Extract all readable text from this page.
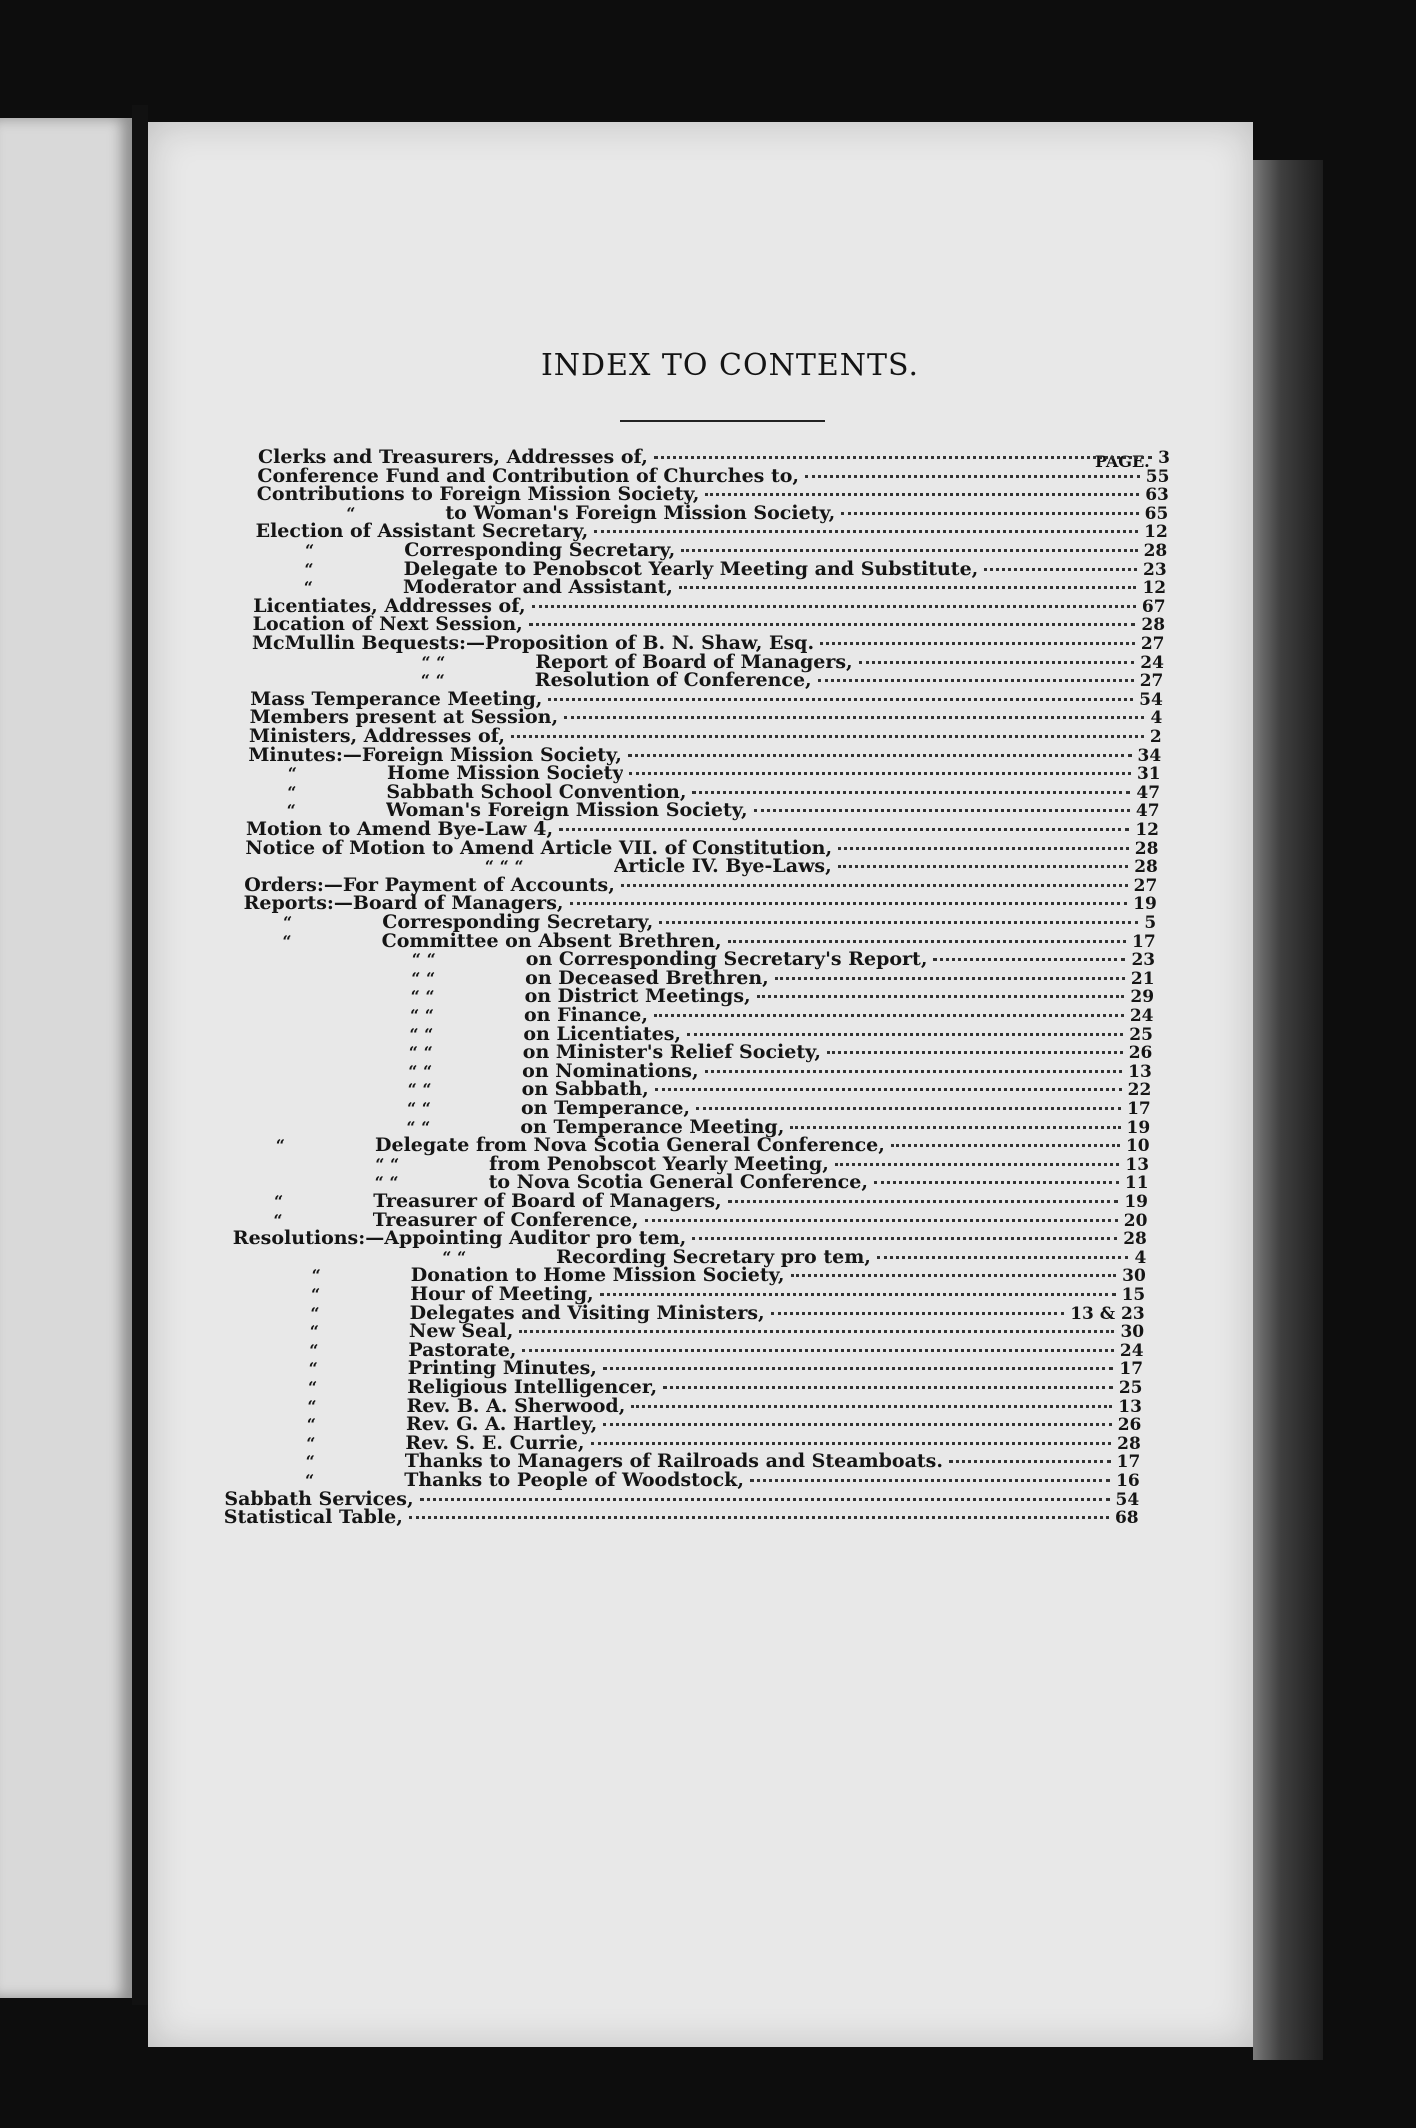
INDEX TO CONTENTS.
PAGE.
Clerks and Treasurers, Addresses of,	3
Conference Fund and Contribution of Churches to,	55
Contributions to Foreign Mission Society,	63
“	to Woman's Foreign Mission Society,	65
Election of Assistant Secretary,	12
“	Corresponding Secretary,	28
“	Delegate to Penobscot Yearly Meeting and Substitute,	23
“	Moderator and Assistant,	12
Licentiates, Addresses of,	67
Location of Next Session,	28
McMullin Bequests:—Proposition of B. N. Shaw, Esq.	27
“ “	Report of Board of Managers,	24
“ “	Resolution of Conference,	27
Mass Temperance Meeting,	54
Members present at Session,	4
Ministers, Addresses of,	2
Minutes:—Foreign Mission Society,	34
“	Home Mission Society	31
“	Sabbath School Convention,	47
“	Woman's Foreign Mission Society,	47
Motion to Amend Bye-Law 4,	12
Notice of Motion to Amend Article VII. of Constitution,	28
“ “ “	Article IV. Bye-Laws,	28
Orders:—For Payment of Accounts,	27
Reports:—Board of Managers,	19
“	Corresponding Secretary,	5
“	Committee on Absent Brethren,	17
“ “	on Corresponding Secretary's Report,	23
“ “	on Deceased Brethren,	21
“ “	on District Meetings,	29
“ “	on Finance,	24
“ “	on Licentiates,	25
“ “	on Minister's Relief Society,	26
“ “	on Nominations,	13
“ “	on Sabbath,	22
“ “	on Temperance,	17
“ “	on Temperance Meeting,	19
“	Delegate from Nova Scotia General Conference,	10
“ “	from Penobscot Yearly Meeting,	13
“ “	to Nova Scotia General Conference,	11
“	Treasurer of Board of Managers,	19
“	Treasurer of Conference,	20
Resolutions:—Appointing Auditor pro tem,	28
“ “	Recording Secretary pro tem,	4
“	Donation to Home Mission Society,	30
“	Hour of Meeting,	15
“	Delegates and Visiting Ministers,	13 & 23
“	New Seal,	30
“	Pastorate,	24
“	Printing Minutes,	17
“	Religious Intelligencer,	25
“	Rev. B. A. Sherwood,	13
“	Rev. G. A. Hartley,	26
“	Rev. S. E. Currie,	28
“	Thanks to Managers of Railroads and Steamboats.	17
“	Thanks to People of Woodstock,	16
Sabbath Services,	54
Statistical Table,	68
